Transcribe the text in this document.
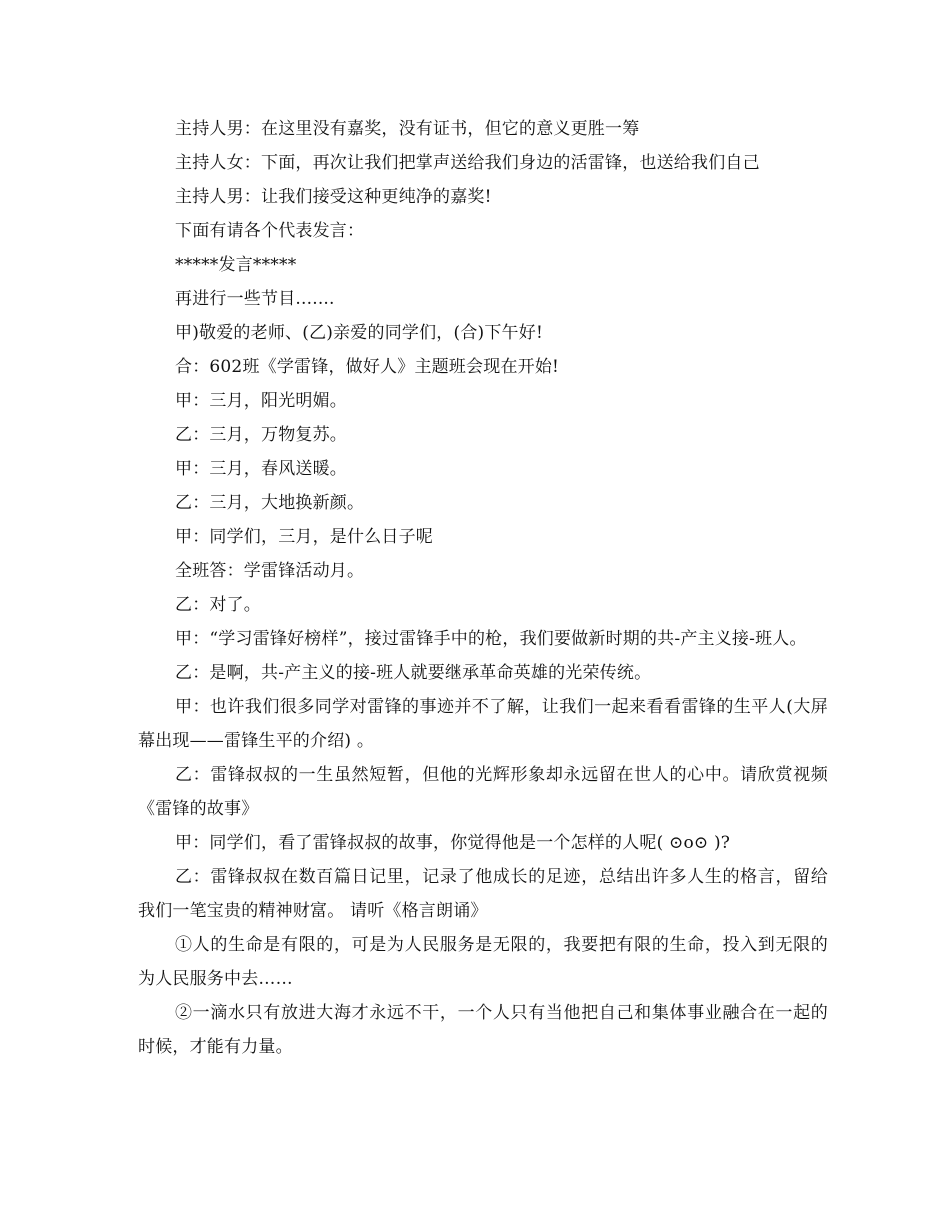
主持人男：在这里没有嘉奖，没有证书，但它的意义更胜一筹
主持人女：下面，再次让我们把掌声送给我们身边的活雷锋，也送给我们自己
主持人男：让我们接受这种更纯净的嘉奖!
下面有请各个代表发言：
*****发言*****
再进行一些节目.......
甲)敬爱的老师、(乙)亲爱的同学们，(合)下午好!
合：602班《学雷锋，做好人》主题班会现在开始!
甲：三月，阳光明媚。
乙：三月，万物复苏。
甲：三月，春风送暖。
乙：三月，大地换新颜。
甲：同学们，三月，是什么日子呢
全班答：学雷锋活动月。
乙：对了。
甲：“学习雷锋好榜样”，接过雷锋手中的枪，我们要做新时期的共-产主义接-班人。
乙：是啊，共-产主义的接-班人就要继承革命英雄的光荣传统。
甲：也许我们很多同学对雷锋的事迹并不了解，让我们一起来看看雷锋的生平人(大屏幕出现——雷锋生平的介绍) 。
乙：雷锋叔叔的一生虽然短暂，但他的光辉形象却永远留在世人的心中。请欣赏视频《雷锋的故事》
甲：同学们，看了雷锋叔叔的故事，你觉得他是一个怎样的人呢( ⊙o⊙ )?
乙：雷锋叔叔在数百篇日记里，记录了他成长的足迹，总结出许多人生的格言，留给我们一笔宝贵的精神财富。 请听《格言朗诵》
①人的生命是有限的，可是为人民服务是无限的，我要把有限的生命，投入到无限的为人民服务中去……
②一滴水只有放进大海才永远不干，一个人只有当他把自己和集体事业融合在一起的时候，才能有力量。
